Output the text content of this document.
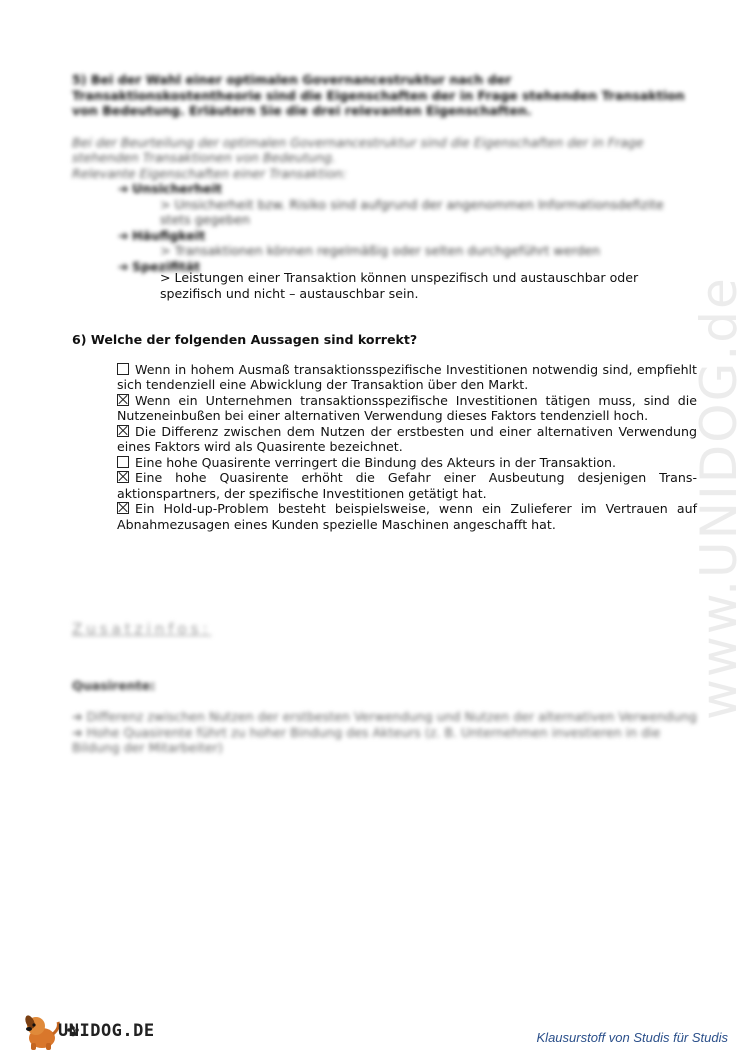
www.UNIDOG.de
5) Bei der Wahl einer optimalen Governancestruktur nach der
Transaktionskostentheorie sind die Eigenschaften der in Frage stehenden Transaktion
von Bedeutung. Erläutern Sie die drei relevanten Eigenschaften.
Bei der Beurteilung der optimalen Governancestruktur sind die Eigenschaften der in Frage
stehenden Transaktionen von Bedeutung.
Relevante Eigenschaften einer Transaktion:
➔ Unsicherheit
> Unsicherheit bzw. Risiko sind aufgrund der angenommen Informationsdefizite
stets gegeben
➔ Häufigkeit
> Transaktionen können regelmäßig oder selten durchgeführt werden
➔ Spezifität
> Leistungen einer Transaktion können unspezifisch und austauschbar oder
spezifisch und nicht – austauschbar sein.
6) Welche der folgenden Aussagen sind korrekt?
Wenn in hohem Ausmaß transaktionsspezifische Investitionen notwendig sind, empfiehlt sich tendenziell eine Abwicklung der Transaktion über den Markt.
Wenn ein Unternehmen transaktionsspezifische Investitionen tätigen muss, sind die Nutzeneinbußen bei einer alternativen Verwendung dieses Faktors tendenziell hoch.
Die Differenz zwischen dem Nutzen der erstbesten und einer alternativen Verwendung eines Faktors wird als Quasirente bezeichnet.
Eine hohe Quasirente verringert die Bindung des Akteurs in der Transaktion.
Eine hohe Quasirente erhöht die Gefahr einer Ausbeutung desjenigen Trans-aktionspartners, der spezifische Investitionen getätigt hat.
Ein Hold-up-Problem besteht beispielsweise, wenn ein Zulieferer im Vertrauen auf Abnahmezusagen eines Kunden spezielle Maschinen angeschafft hat.
Zusatzinfos:
Quasirente:
➔ Differenz zwischen Nutzen der erstbesten Verwendung und Nutzen der alternativen Verwendung
➔ Hohe Quasirente führt zu hoher Bindung des Akteurs (z. B. Unternehmen investieren in die Bildung der Mitarbeiter)
UNIDOG.DE	Klausurstoff von Studis für Studis
